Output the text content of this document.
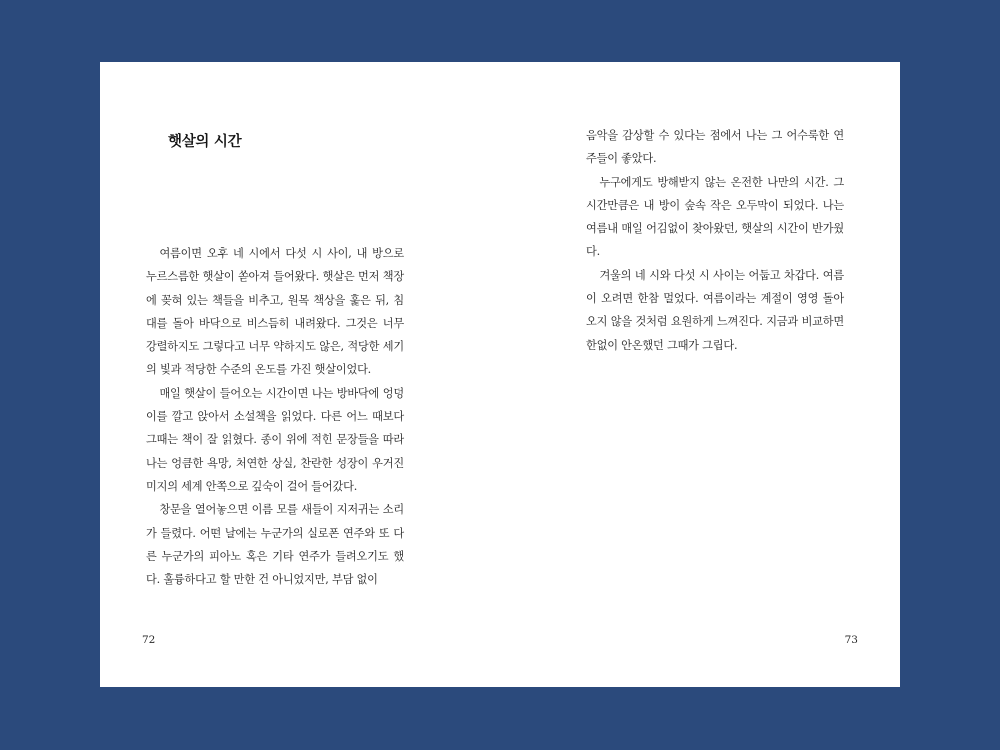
햇살의 시간

여름이면 오후 네 시에서 다섯 시 사이, 내 방으로 누르스름한 햇살이 쏟아져 들어왔다. 햇살은 먼저 책장에 꽂혀 있는 책들을 비추고, 원목 책상을 훑은 뒤, 침대를 돌아 바닥으로 비스듬히 내려왔다. 그것은 너무 강렬하지도 그렇다고 너무 약하지도 않은, 적당한 세기의 빛과 적당한 수준의 온도를 가진 햇살이었다.

매일 햇살이 들어오는 시간이면 나는 방바닥에 엉덩이를 깔고 앉아서 소설책을 읽었다. 다른 어느 때보다 그때는 책이 잘 읽혔다. 종이 위에 적힌 문장들을 따라 나는 엉큼한 욕망, 처연한 상실, 찬란한 성장이 우거진 미지의 세계 안쪽으로 깊숙이 걸어 들어갔다.

창문을 열어놓으면 이름 모를 새들이 지저귀는 소리가 들렸다. 어떤 날에는 누군가의 실로폰 연주와 또 다른 누군가의 피아노 혹은 기타 연주가 들려오기도 했다. 훌륭하다고 할 만한 건 아니었지만, 부담 없이

72

음악을 감상할 수 있다는 점에서 나는 그 어수룩한 연주들이 좋았다.

누구에게도 방해받지 않는 온전한 나만의 시간. 그 시간만큼은 내 방이 숲속 작은 오두막이 되었다. 나는 여름내 매일 어김없이 찾아왔던, 햇살의 시간이 반가웠다.

겨울의 네 시와 다섯 시 사이는 어둡고 차갑다. 여름이 오려면 한참 멀었다. 여름이라는 계절이 영영 돌아오지 않을 것처럼 요원하게 느껴진다. 지금과 비교하면 한없이 안온했던 그때가 그립다.

73
